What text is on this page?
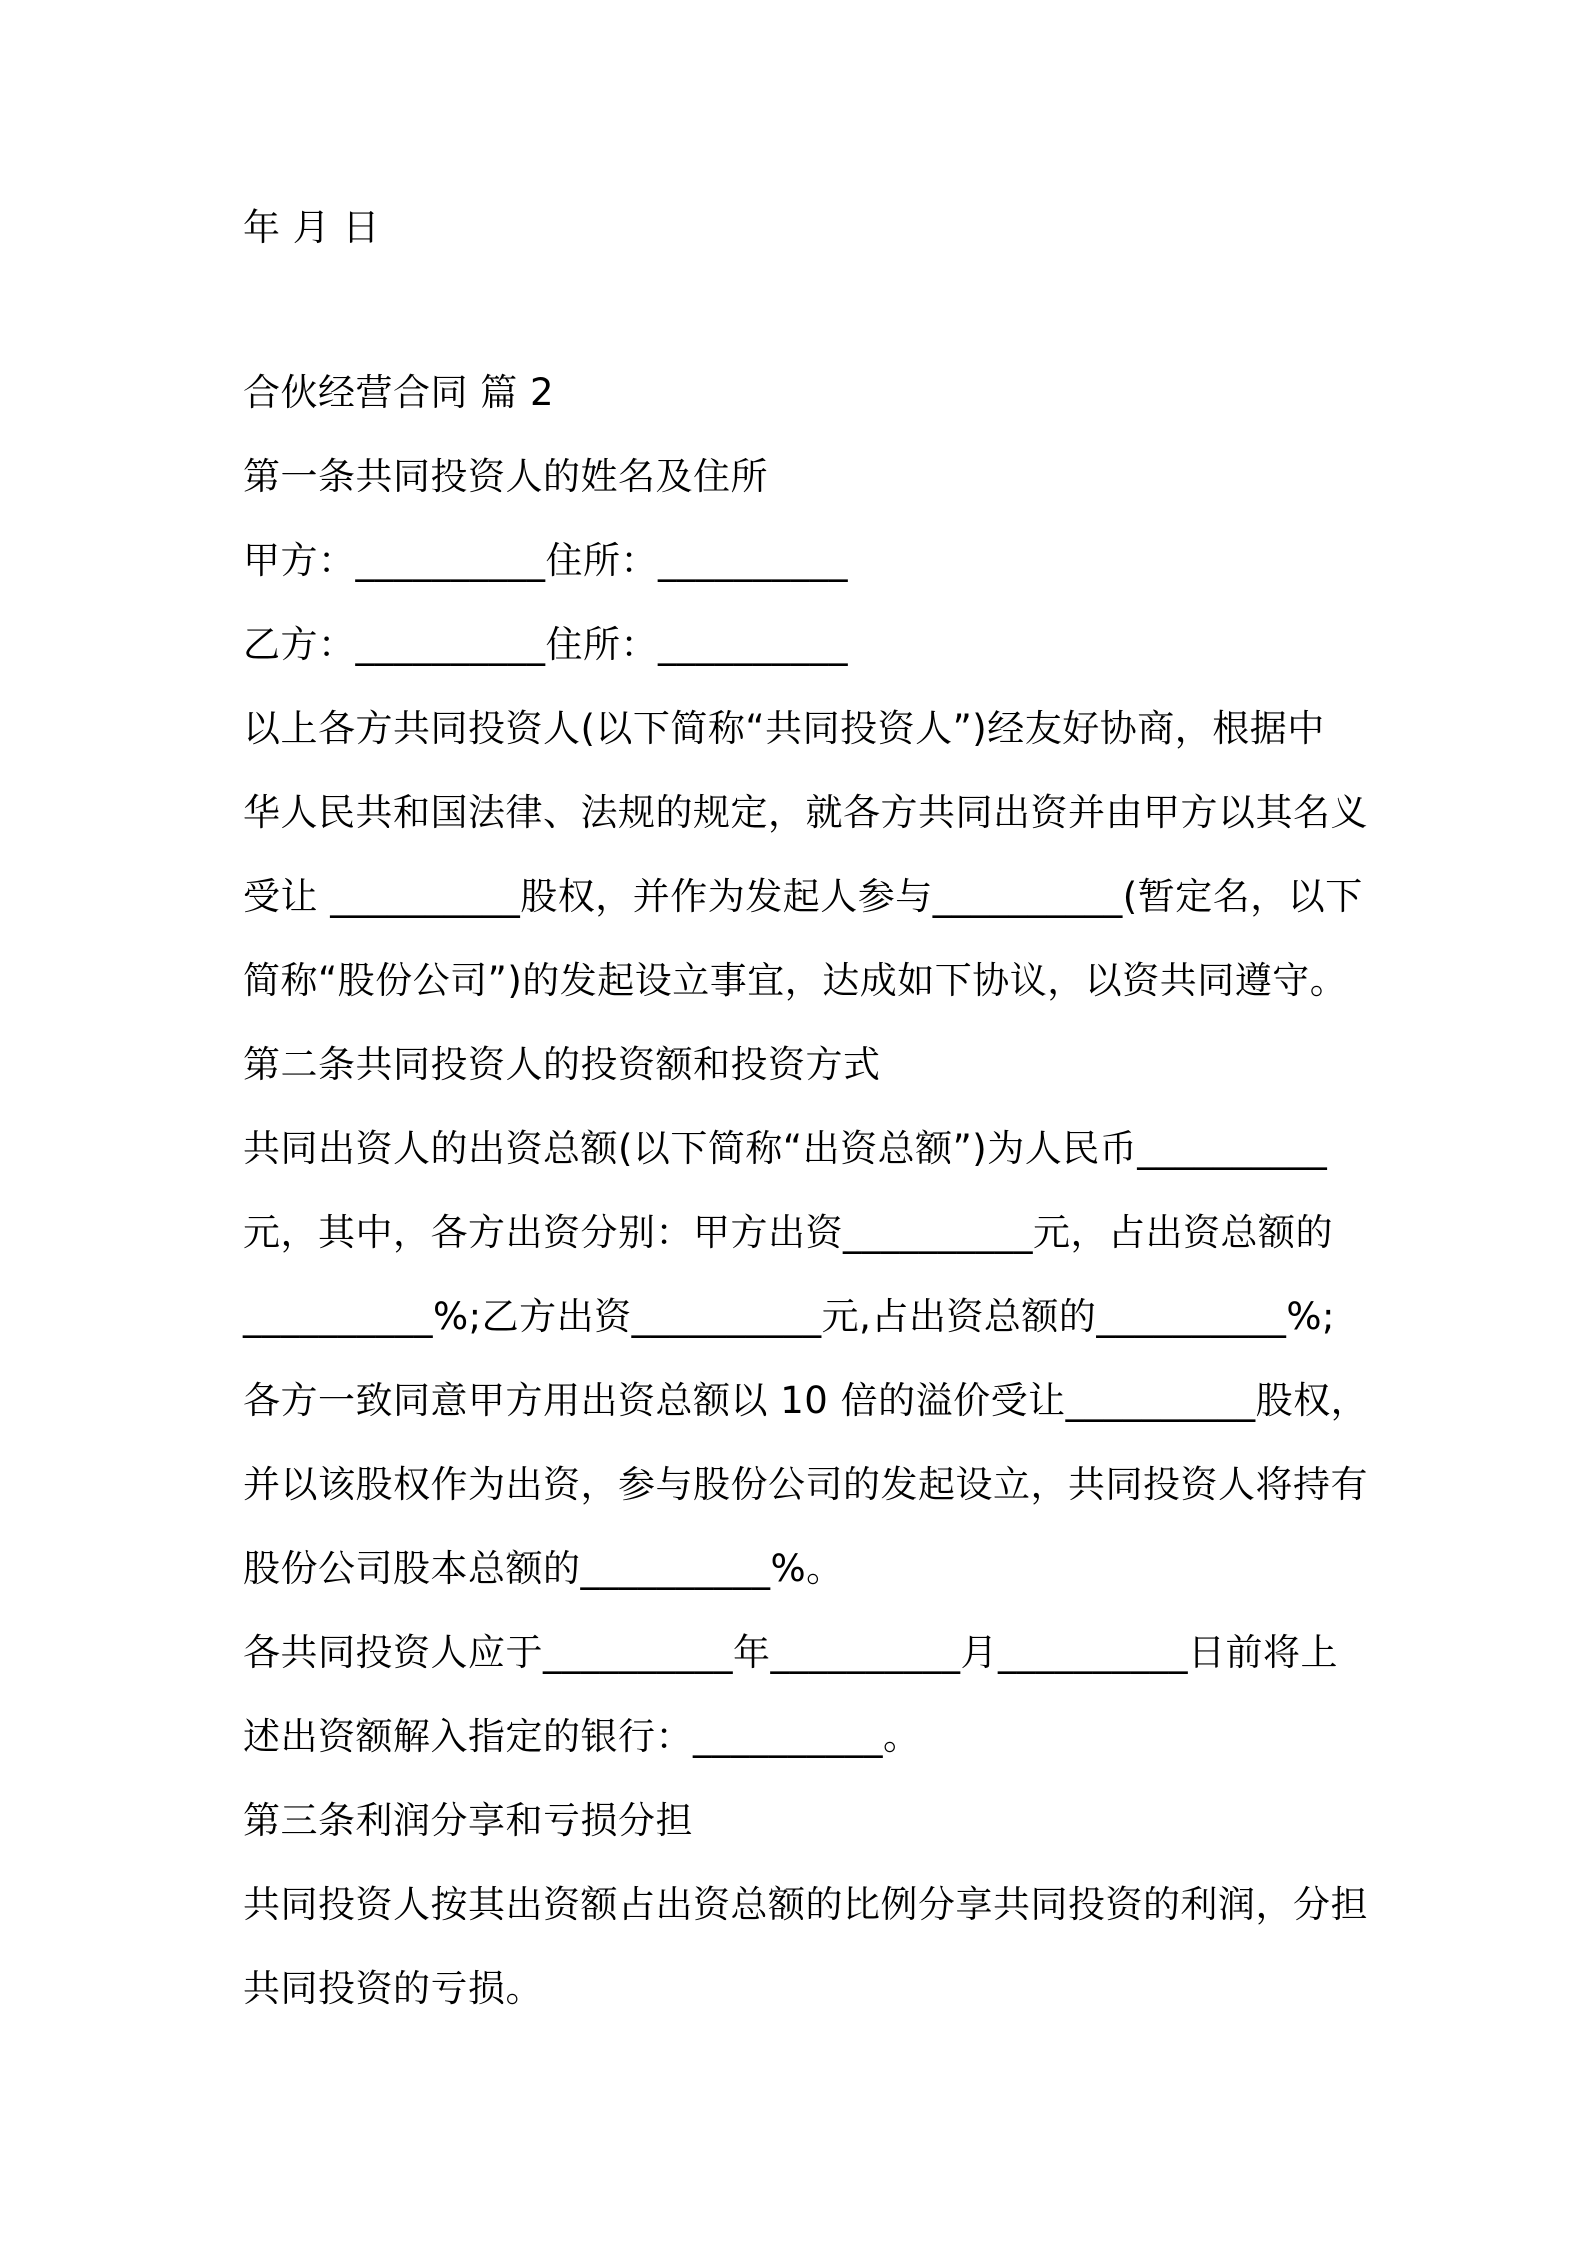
年 月 日
合伙经营合同 篇 2
第一条共同投资人的姓名及住所
甲方：__________住所：__________
乙方：__________住所：__________
以上各方共同投资人(以下简称“共同投资人”)经友好协商，根据中
华人民共和国法律、法规的规定，就各方共同出资并由甲方以其名义
受让 __________股权，并作为发起人参与__________(暂定名，以下
简称“股份公司”)的发起设立事宜，达成如下协议，以资共同遵守。
第二条共同投资人的投资额和投资方式
共同出资人的出资总额(以下简称“出资总额”)为人民币__________
元，其中，各方出资分别：甲方出资__________元，占出资总额的
__________%;乙方出资__________元,占出资总额的__________%;
各方一致同意甲方用出资总额以 10 倍的溢价受让__________股权，
并以该股权作为出资，参与股份公司的发起设立，共同投资人将持有
股份公司股本总额的__________%。
各共同投资人应于__________年__________月__________日前将上
述出资额解入指定的银行：__________。
第三条利润分享和亏损分担
共同投资人按其出资额占出资总额的比例分享共同投资的利润，分担
共同投资的亏损。
